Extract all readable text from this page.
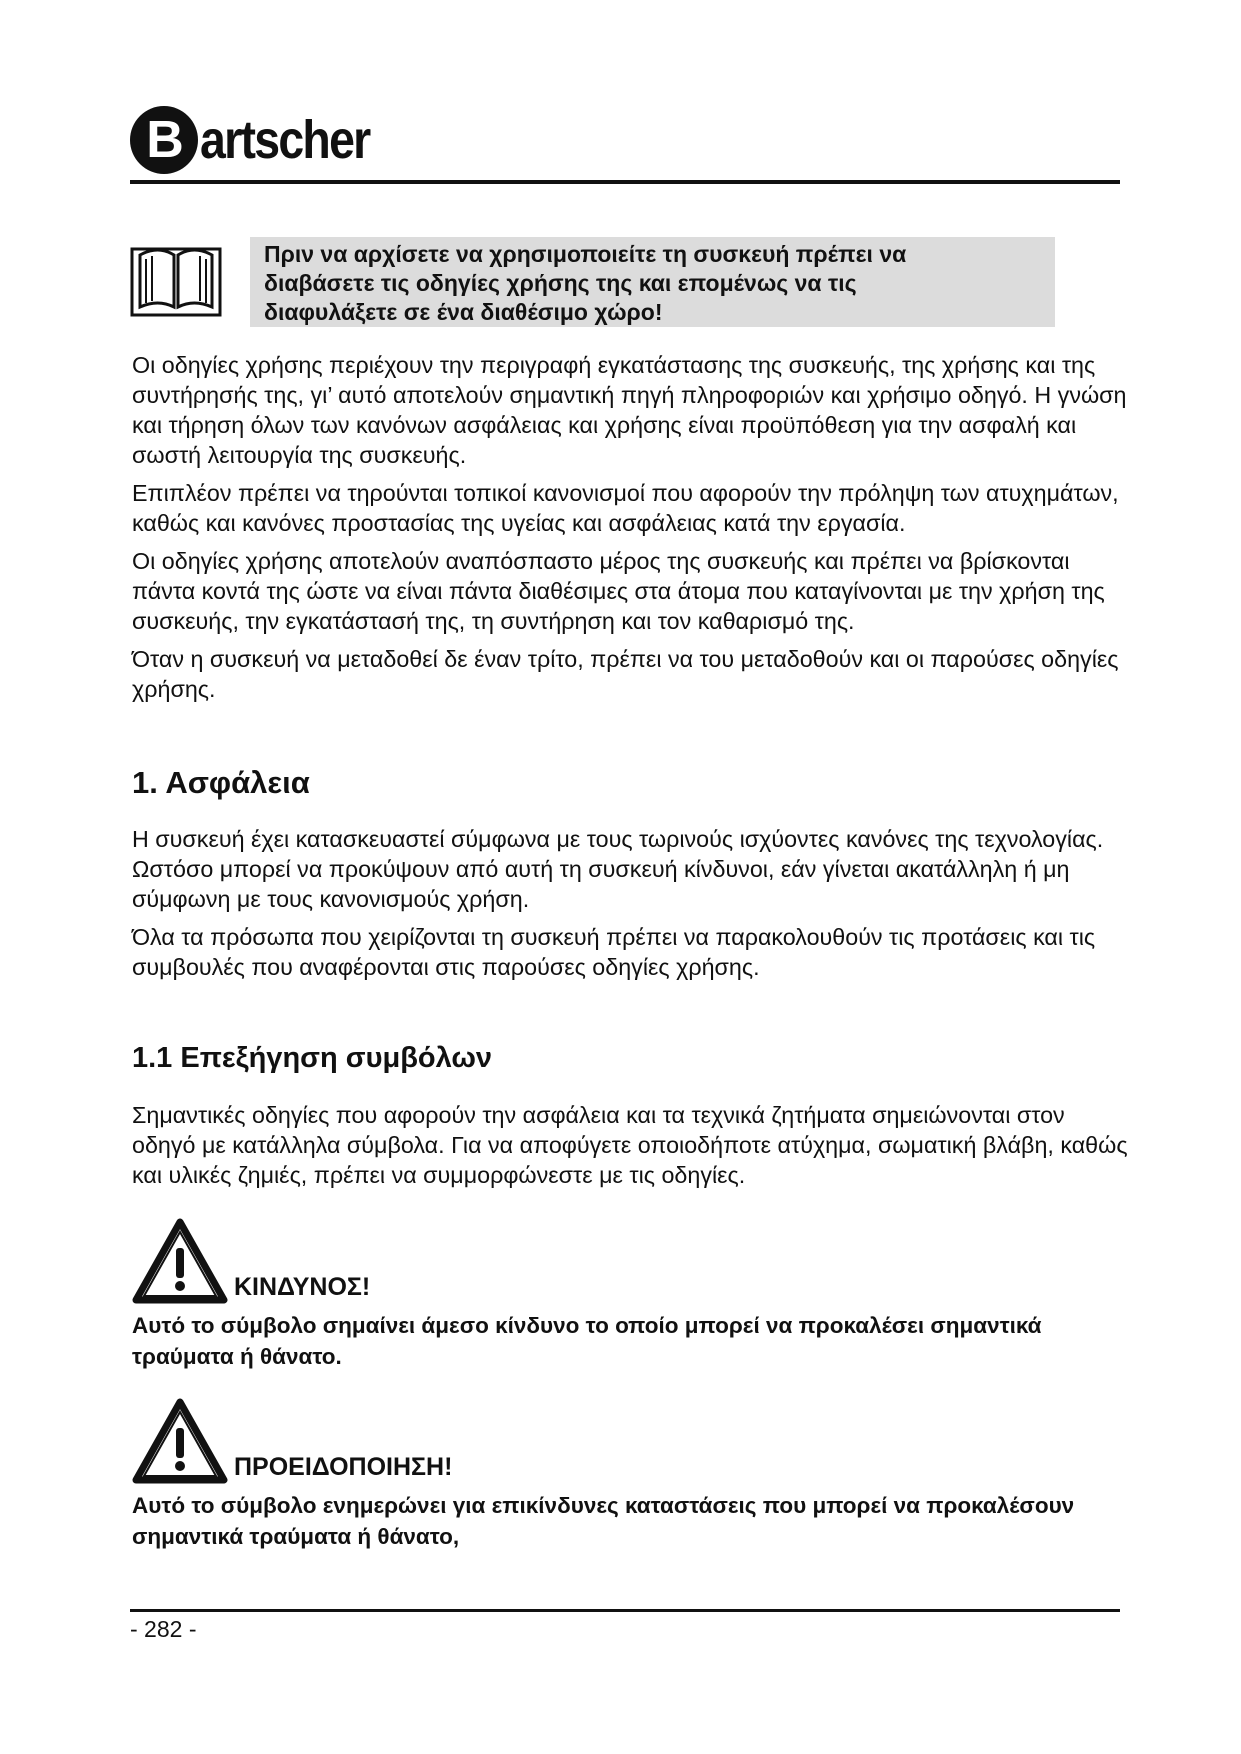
B artscher
Πριν να αρχίσετε να χρησιμοποιείτε τη συσκευή πρέπει να
διαβάσετε τις οδηγίες χρήσης της και επομένως να τις
διαφυλάξετε σε ένα διαθέσιμο χώρο!

Οι οδηγίες χρήσης περιέχουν την περιγραφή εγκατάστασης της συσκευής, της χρήσης και της συντήρησής της, γι’ αυτό αποτελούν σημαντική πηγή πληροφοριών και χρήσιμο οδηγό. Η γνώση και τήρηση όλων των κανόνων ασφάλειας και χρήσης είναι προϋπόθεση για την ασφαλή και σωστή λειτουργία της συσκευής.

Επιπλέον πρέπει να τηρούνται τοπικοί κανονισμοί που αφορούν την πρόληψη των ατυχημάτων, καθώς και κανόνες προστασίας της υγείας και ασφάλειας κατά την εργασία.

Οι οδηγίες χρήσης αποτελούν αναπόσπαστο μέρος της συσκευής και πρέπει να βρίσκονται πάντα κοντά της ώστε να είναι πάντα διαθέσιμες στα άτομα που καταγίνονται με την χρήση της συσκευής, την εγκατάστασή της, τη συντήρηση και τον καθαρισμό της.

Όταν η συσκευή να μεταδοθεί δε έναν τρίτο, πρέπει να του μεταδοθούν και οι παρούσες οδηγίες χρήσης.

1. Ασφάλεια

Η συσκευή έχει κατασκευαστεί σύμφωνα με τους τωρινούς ισχύοντες κανόνες της τεχνολογίας. Ωστόσο μπορεί να προκύψουν από αυτή τη συσκευή κίνδυνοι, εάν γίνεται ακατάλληλη ή μη σύμφωνη με τους κανονισμούς χρήση.

Όλα τα πρόσωπα που χειρίζονται τη συσκευή πρέπει να παρακολουθούν τις προτάσεις και τις συμβουλές που αναφέρονται στις παρούσες οδηγίες χρήσης.

1.1 Επεξήγηση συμβόλων

Σημαντικές οδηγίες που αφορούν την ασφάλεια και τα τεχνικά ζητήματα σημειώνονται στον οδηγό με κατάλληλα σύμβολα. Για να αποφύγετε οποιοδήποτε ατύχημα, σωματική βλάβη, καθώς και υλικές ζημιές, πρέπει να συμμορφώνεστε με τις οδηγίες.

ΚΙΝΔΥΝΟΣ!
Αυτό το σύμβολο σημαίνει άμεσο κίνδυνο το οποίο μπορεί να προκαλέσει σημαντικά τραύματα ή θάνατο.
ΠΡΟΕΙΔΟΠΟΙΗΣΗ!
Αυτό το σύμβολο ενημερώνει για επικίνδυνες καταστάσεις που μπορεί να προκαλέσουν σημαντικά τραύματα ή θάνατο,
- 282 -
